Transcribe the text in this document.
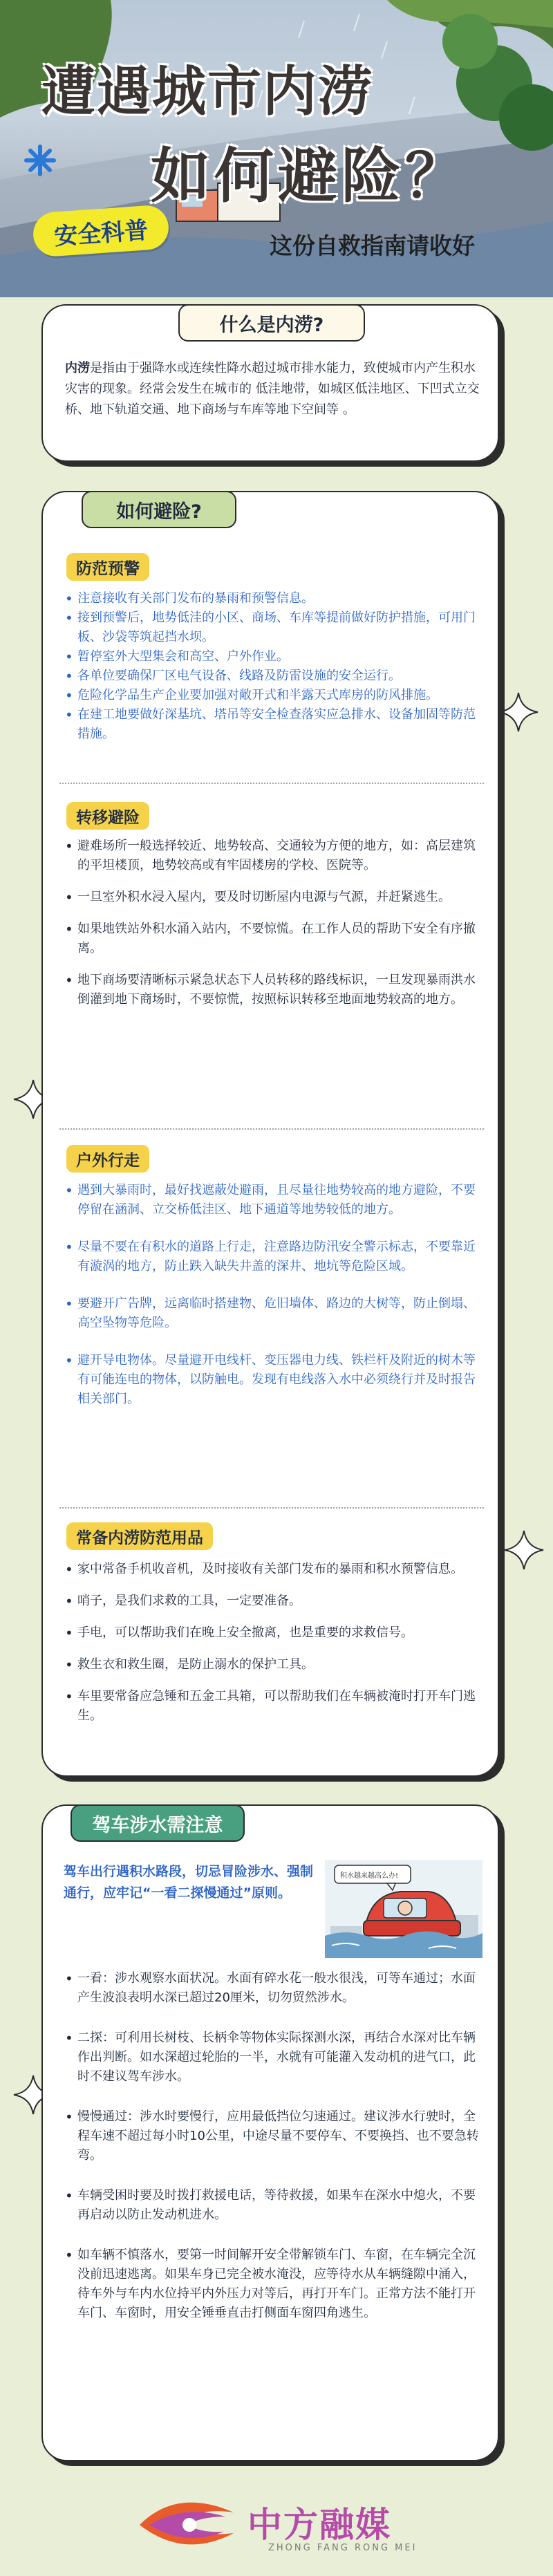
遭遇城市内涝
如何避险？
安全科普	这份自救指南请收好
什么是内涝?
内涝是指由于强降水或连续性降水超过城市排水能力，致使城市内产生积水灾害的现象。经常会发生在城市的 低洼地带，如城区低洼地区、下凹式立交桥、地下轨道交通、地下商场与车库等地下空间等 。
如何避险?
防范预警
• 注意接收有关部门发布的暴雨和预警信息。
• 接到预警后，地势低洼的小区、商场、车库等提前做好防护措施，可用门板、沙袋等筑起挡水坝。
• 暂停室外大型集会和高空、户外作业。
• 各单位要确保厂区电气设备、线路及防雷设施的安全运行。
• 危险化学品生产企业要加强对敞开式和半露天式库房的防风排施。
• 在建工地要做好深基坑、塔吊等安全检查落实应急排水、设备加固等防范措施。
转移避险
• 避难场所一般选择较近、地势较高、交通较为方便的地方，如：高层建筑的平坦楼顶，地势较高或有牢固楼房的学校、医院等。
• 一旦室外积水浸入屋内，要及时切断屋内电源与气源，并赶紧逃生。
• 如果地铁站外积水涌入站内，不要惊慌。在工作人员的帮助下安全有序撤离。
• 地下商场要清晰标示紧急状态下人员转移的路线标识，一旦发现暴雨洪水倒灌到地下商场时，不要惊慌，按照标识转移至地面地势较高的地方。
户外行走
• 遇到大暴雨时，最好找遮蔽处避雨，且尽量往地势较高的地方避险，不要停留在涵洞、立交桥低洼区、地下通道等地势较低的地方。
• 尽量不要在有积水的道路上行走，注意路边防汛安全警示标志，不要靠近有漩涡的地方，防止跌入缺失井盖的深井、地坑等危险区域。
• 要避开广告牌，远离临时搭建物、危旧墙体、路边的大树等，防止倒塌、高空坠物等危险。
• 避开导电物体。尽量避开电线杆、变压器电力线、铁栏杆及附近的树木等有可能连电的物体，以防触电。发现有电线落入水中必须绕行并及时报告相关部门。
常备内涝防范用品
• 家中常备手机收音机，及时接收有关部门发布的暴雨和积水预警信息。
• 哨子，是我们求救的工具，一定要准备。
• 手电，可以帮助我们在晚上安全撤离，也是重要的求救信号。
• 救生衣和救生圈，是防止溺水的保护工具。
• 车里要常备应急锤和五金工具箱，可以帮助我们在车辆被淹时打开车门逃生。
驾车涉水需注意
驾车出行遇积水路段，切忌冒险涉水、强制通行，应牢记“一看二探慢通过”原则。
积水越来越高么办!
• 一看：涉水观察水面状况。水面有碎水花一般水很浅，可等车通过；水面产生波浪表明水深已超过20厘米，切勿贸然涉水。
• 二探：可利用长树枝、长柄伞等物体实际探测水深，再结合水深对比车辆作出判断。如水深超过轮胎的一半，水就有可能灌入发动机的进气口，此时不建议驾车涉水。
• 慢慢通过：涉水时要慢行，应用最低挡位匀速通过。建议涉水行驶时，全程车速不超过每小时10公里，中途尽量不要停车、不要换挡、也不要急转弯。
• 车辆受困时要及时拨打救援电话，等待救援，如果车在深水中熄火，不要再启动以防止发动机进水。
• 如车辆不慎落水，要第一时间解开安全带解锁车门、车窗，在车辆完全沉没前迅速逃离。如果车身已完全被水淹没，应等待水从车辆缝隙中涌入，待车外与车内水位持平内外压力对等后，再打开车门。正常方法不能打开车门、车窗时，用安全锤垂直击打侧面车窗四角逃生。
中方融媒
ZHONG FANG RONG MEI
